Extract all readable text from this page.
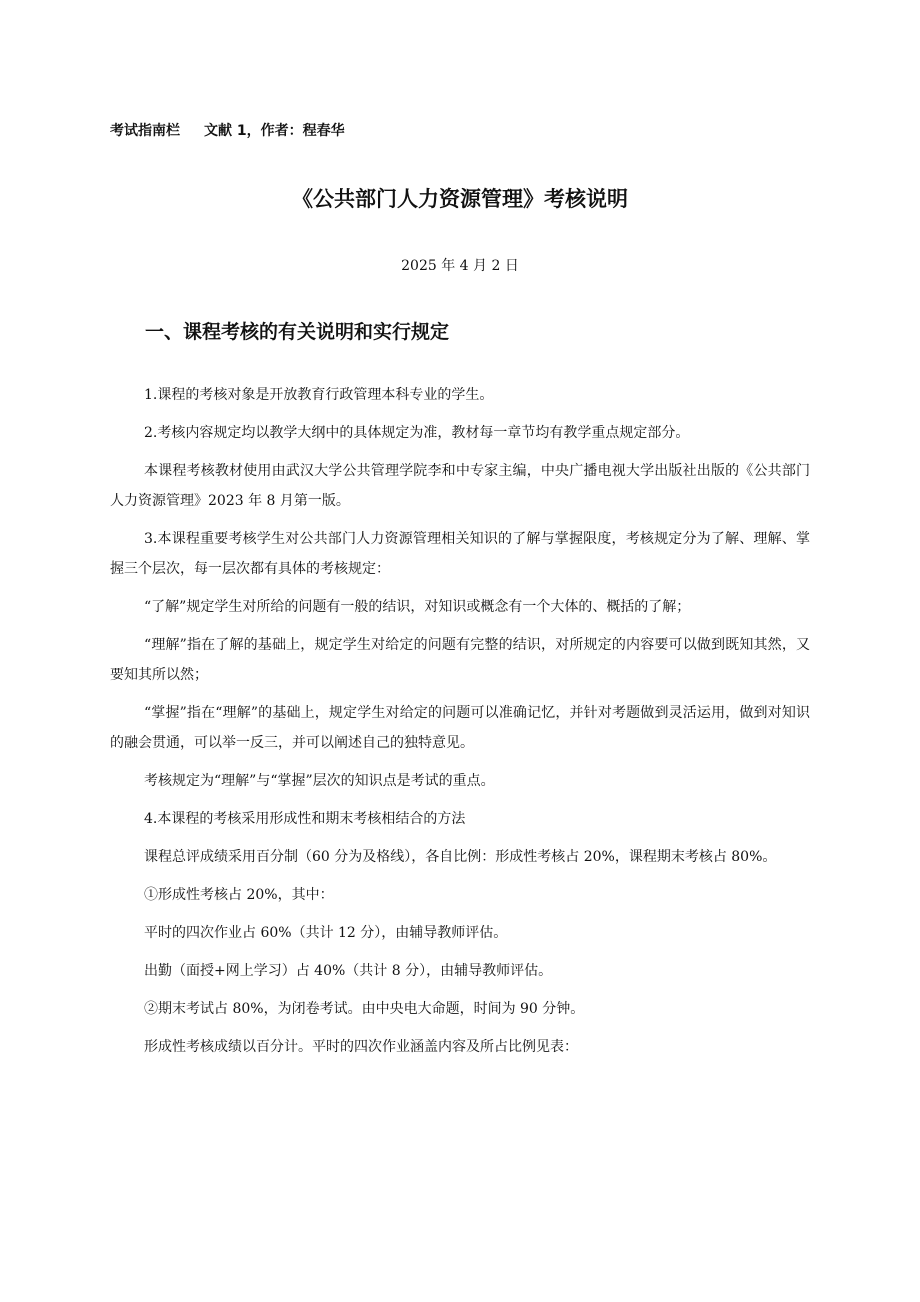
考试指南栏 文献 1，作者：程春华
《公共部门人力资源管理》考核说明
2025 年 4 月 2 日
一、课程考核的有关说明和实行规定

1.课程的考核对象是开放教育行政管理本科专业的学生。

2.考核内容规定均以教学大纲中的具体规定为准，教材每一章节均有教学重点规定部分。

本课程考核教材使用由武汉大学公共管理学院李和中专家主编，中央广播电视大学出版社出版的《公共部门人力资源管理》2023 年 8 月第一版。

3.本课程重要考核学生对公共部门人力资源管理相关知识的了解与掌握限度，考核规定分为了解、理解、掌握三个层次，每一层次都有具体的考核规定：

“了解”规定学生对所给的问题有一般的结识，对知识或概念有一个大体的、概括的了解；

“理解”指在了解的基础上，规定学生对给定的问题有完整的结识，对所规定的内容要可以做到既知其然，又要知其所以然；

“掌握”指在“理解”的基础上，规定学生对给定的问题可以准确记忆，并针对考题做到灵活运用，做到对知识的融会贯通，可以举一反三，并可以阐述自己的独特意见。

考核规定为“理解”与“掌握”层次的知识点是考试的重点。

4.本课程的考核采用形成性和期末考核相结合的方法

课程总评成绩采用百分制（60 分为及格线），各自比例：形成性考核占 20%，课程期末考核占 80%。

①形成性考核占 20%，其中：

平时的四次作业占 60%（共计 12 分），由辅导教师评估。

出勤（面授+网上学习）占 40%（共计 8 分），由辅导教师评估。

②期末考试占 80%，为闭卷考试。由中央电大命题，时间为 90 分钟。

形成性考核成绩以百分计。平时的四次作业涵盖内容及所占比例见表：
